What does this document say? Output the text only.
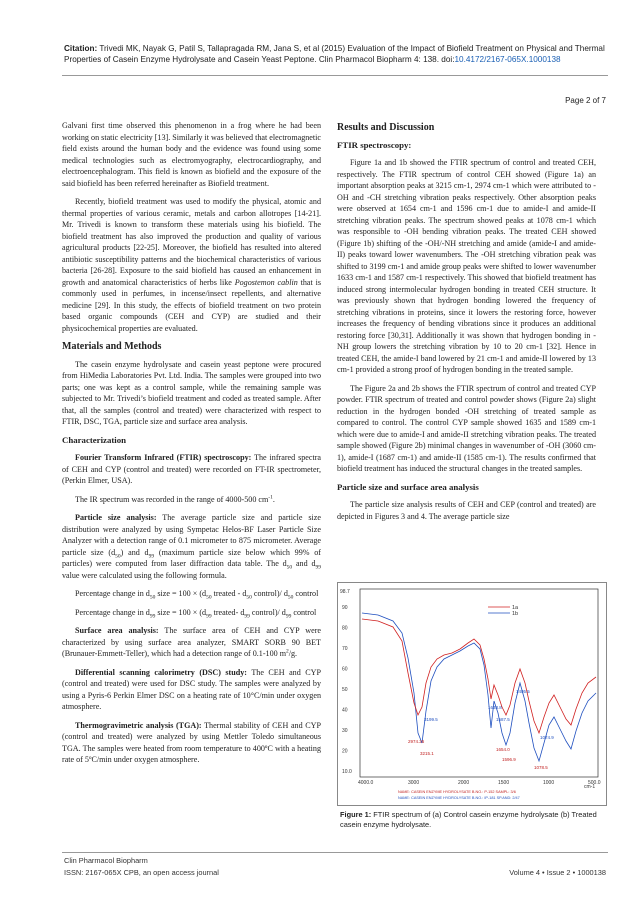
Citation: Trivedi MK, Nayak G, Patil S, Tallapragada RM, Jana S, et al (2015) Evaluation of the Impact of Biofield Treatment on Physical and Thermal Properties of Casein Enzyme Hydrolysate and Casein Yeast Peptone. Clin Pharmacol Biopharm 4: 138. doi:10.4172/2167-065X.1000138
Page 2 of 7

Galvani first time observed this phenomenon in a frog where he had been working on static electricity [13]. Similarly it was believed that electromagnetic field exists around the human body and the evidence was found using some medical technologies such as electromyography, electrocardiography, and electroencephalogram. This field is known as biofield and the exposure of the said biofield has been referred hereinafter as Biofield treatment.

Recently, biofield treatment was used to modify the physical, atomic and thermal properties of various ceramic, metals and carbon allotropes [14-21]. Mr. Trivedi is known to transform these materials using his biofield. The biofield treatment has also improved the production and quality of various agricultural products [22-25]. Moreover, the biofield has resulted into altered antibiotic susceptibility patterns and the biochemical characteristics of various bacteria [26-28]. Exposure to the said biofield has caused an enhancement in growth and anatomical characteristics of herbs like Pogostemon cablin that is commonly used in perfumes, in incense/insect repellents, and alternative medicine [29]. In this study, the effects of biofield treatment on two protein based organic compounds (CEH and CYP) are studied and their physicochemical properties are evaluated.

Materials and Methods

The casein enzyme hydrolysate and casein yeast peptone were procured from HiMedia Laboratories Pvt. Ltd. India. The samples were grouped into two parts; one was kept as a control sample, while the remaining sample was subjected to Mr. Trivedi’s biofield treatment and coded as treated sample. After that, all the samples (control and treated) were characterized with respect to FTIR, DSC, TGA, particle size and surface area analysis.

Characterization

Fourier Transform Infrared (FTIR) spectroscopy: The infrared spectra of CEH and CYP (control and treated) were recorded on FT-IR spectrometer, (Perkin Elmer, USA).

The IR spectrum was recorded in the range of 4000-500 $cm^{-1}$.

Particle size analysis: The average particle size and particle size distribution were analyzed by using Sympetac Helos-BF Laser Particle Size Analyzer with a detection range of 0.1 micrometer to 875 micrometer. Average particle size $(d_{50})$ and $d_{99}$ (maximum particle size below which 99% of particles) were computed from laser diffraction data table. The $d_{50}$ and $d_{99}$ value were calculated using the following formula.

Percentage change in $d_{50}$ size = $100 \times (d_{50}$ treated - $d_{50}$ control)/ $d_{50}$ control

Percentage change in $d_{99}$ size = $100 \times (d_{99}$ treated- $d_{99}$ control)/ $d_{99}$ control

Surface area analysis: The surface area of CEH and CYP were characterized by using surface area analyzer, SMART SORB 90 BET (Brunauer-Emmett-Teller), which had a detection range of 0.1-100 $m^2/g$.

Differential scanning calorimetry (DSC) study: The CEH and CYP (control and treated) were used for DSC study. The samples were analyzed by using a Pyris-6 Perkin Elmer DSC on a heating rate of 10°C/min under oxygen atmosphere.

Thermogravimetric analysis (TGA): Thermal stability of CEH and CYP (control and treated) were analyzed by using Mettler Toledo simultaneous TGA. The samples were heated from room temperature to 400ºC with a heating rate of 5ºC/min under oxygen atmosphere.

Results and Discussion
FTIR spectroscopy:

Figure 1a and 1b showed the FTIR spectrum of control and treated CEH, respectively. The FTIR spectrum of control CEH showed (Figure 1a) an important absorption peaks at 3215 cm-1, 2974 cm-1 which were attributed to -OH and -CH stretching vibration peaks respectively. Other absorption peaks were observed at 1654 cm-1 and 1596 cm-1 due to amide-I and amide-II stretching vibration peaks. The spectrum showed peaks at 1078 cm-1 which was responsible to -OH bending vibration peaks. The treated CEH showed (Figure 1b) shifting of the -OH/-NH stretching and amide (amide-I and amide-II) peaks toward lower wavenumbers. The -OH stretching vibration peak was shifted to 3199 cm-1 and amide group peaks were shifted to lower wavenumber 1633 cm-1 and 1587 cm-1 respectively. This showed that biofield treatment has induced strong intermolecular hydrogen bonding in treated CEH structure. It was previously shown that hydrogen bonding lowered the frequency of stretching vibrations in proteins, since it lowers the restoring force, however increases the frequency of bending vibrations since it produces an additional restoring force [30,31]. Additionally it was shown that hydrogen bonding in -NH group lowers the stretching vibration by 10 to 20 cm-1 [32]. Hence in treated CEH, the amide-I band lowered by 21 cm-1 and amide-II lowered by 13 cm-1 provided a strong proof of hydrogen bonding in the treated sample.

The Figure 2a and 2b shows the FTIR spectrum of control and treated CYP powder. FTIR spectrum of treated and control powder shows (Figure 2a) slight reduction in the hydrogen bonded -OH stretching of treated sample as compared to control. The control CYP sample showed 1635 and 1589 cm-1 which were due to amide-I and amide-II stretching vibration peaks. The treated sample showed (Figure 2b) minimal changes in wavenumber of -OH (3060 cm-1), amide-I (1687 cm-1) and amide-II (1585 cm-1). The results confirmed that biofield treatment has induced the structural changes in the treated samples.

Particle size and surface area analysis

The particle size analysis results of CEH and CEP (control and treated) are depicted in Figures 3 and 4. The average particle size

90
80
70
60
50
40
30
20
10.0
4000.0	3000	2000	1500	1000	500.0
1a
1b
3215.1
2974.26
1654.0
1596.9
1078.5
3199.5
1633.8
1587.5
1405.5
1074.9
98.7
cm-1
NAME: CASEIN ENZYME HYDROLYSATE B.NO.: P-152 SAMPL: 3/6
NAME: CASEIN ENZYME HYDROLYSATE B.NO.: IP-181 SP.AND: 2/47
Figure 1: FTIR spectrum of (a) Control casein enzyme hydrolysate (b) Treated casein enzyme hydrolysate.
Clin Pharmacol Biopharm
ISSN: 2167-065X CPB, an open access journal	Volume 4 • Issue 2 • 1000138
